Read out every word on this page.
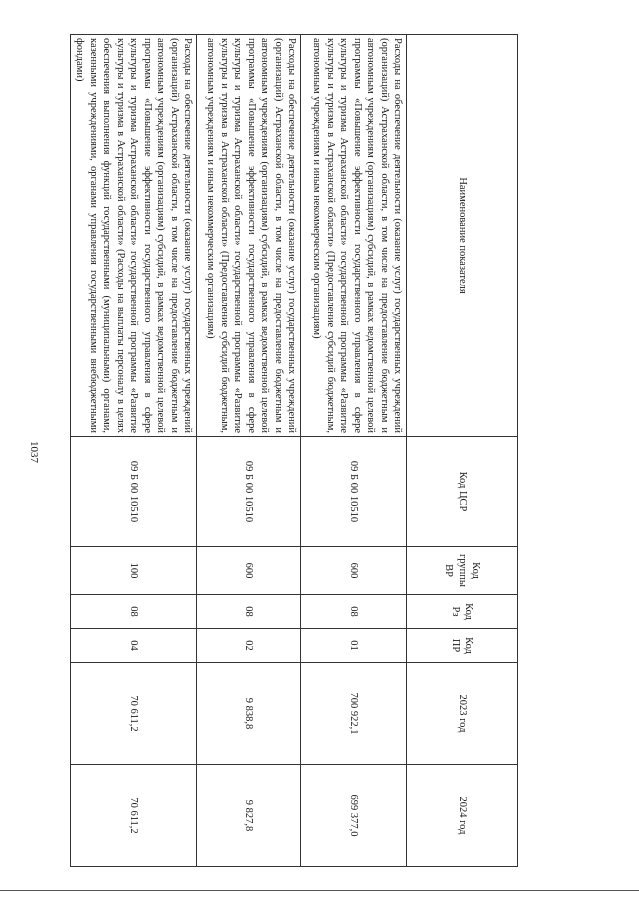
1037
Наименование показателя	Код ЦСР	Код группы ВР	Код Рз	Код ПР	2023 год	2024 год
Расходы на обеспечение деятельности (оказание услуг) государственных учреждений (организаций) Астраханской области, в том числе на предоставление бюджетным и автономным учреждениям (организациям) субсидий, в рамках ведомственной целевой программы «Повышение эффективности государственного управления в сфере культуры и туризма Астраханской области» государственной программы «Развитие культуры и туризма в Астраханской области» (Предоставление субсидий бюджетным, автономным учреждениям и иным некоммерческим организациям)	09 Б 00 10510	600	08	01	700 922,1	699 377,0
Расходы на обеспечение деятельности (оказание услуг) государственных учреждений (организаций) Астраханской области, в том числе на предоставление бюджетным и автономным учреждениям (организациям) субсидий, в рамках ведомственной целевой программы «Повышение эффективности государственного управления в сфере культуры и туризма Астраханской области» государственной программы «Развитие культуры и туризма в Астраханской области» (Предоставление субсидий бюджетным, автономным учреждениям и иным некоммерческим организациям)	09 Б 00 10510	600	08	02	9 838,8	9 827,8
Расходы на обеспечение деятельности (оказание услуг) государственных учреждений (организаций) Астраханской области, в том числе на предоставление бюджетным и автономным учреждениям (организациям) субсидий, в рамках ведомственной целевой программы «Повышение эффективности государственного управления в сфере культуры и туризма Астраханской области» государственной программы «Развитие культуры и туризма в Астраханской области» (Расходы на выплаты персоналу в целях обеспечения выполнения функций государственными (муниципальными) органами, казенными учреждениями, органами управления государственными внебюджетными фондами)	09 Б 00 10510	100	08	04	70 611,2	70 611,2
